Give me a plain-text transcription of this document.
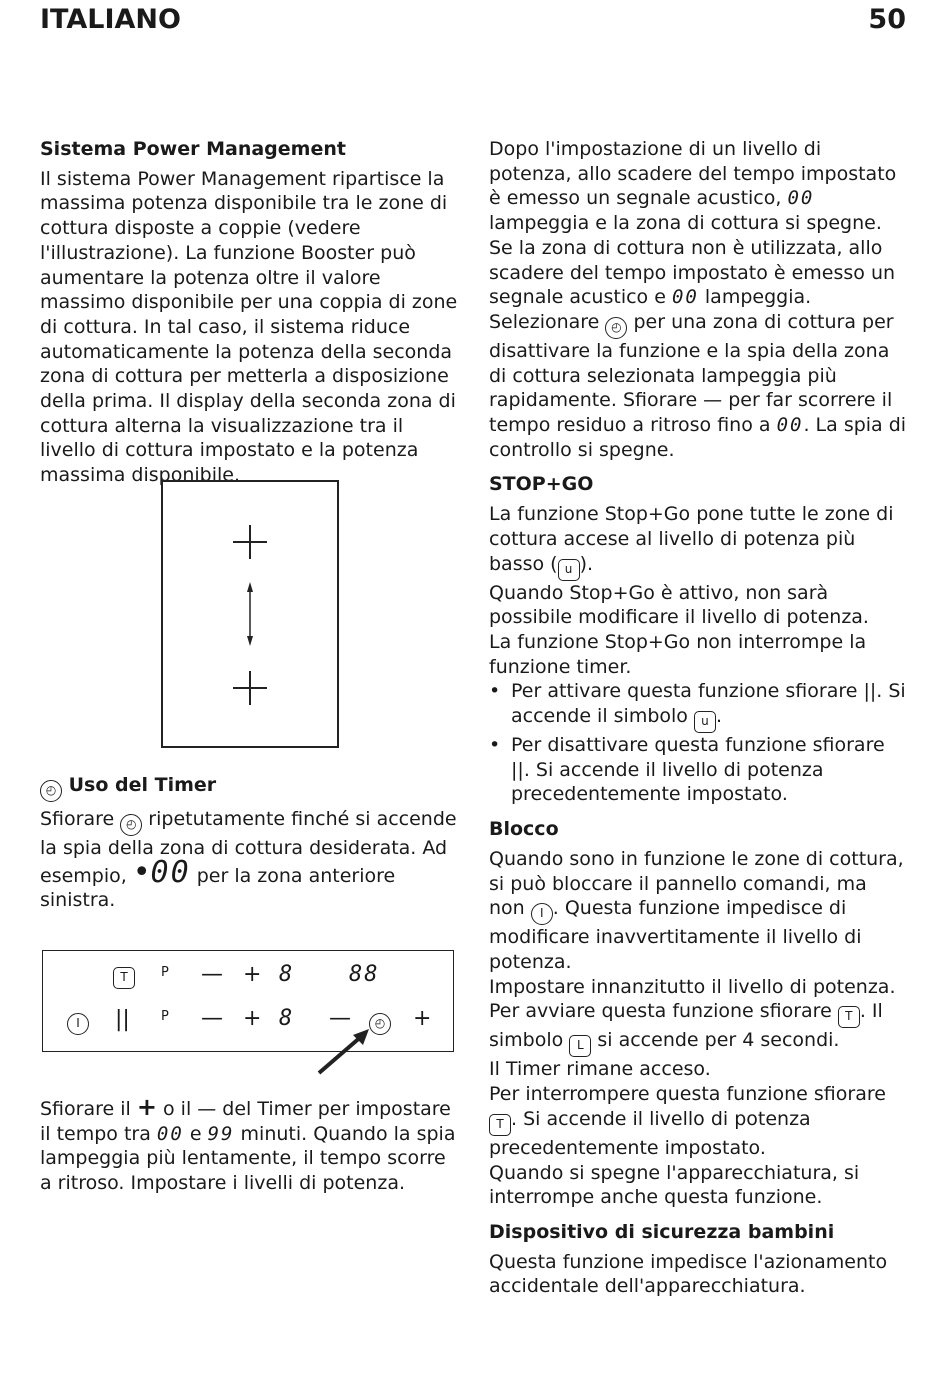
ITALIANO	50

Sistema Power Management

Il sistema Power Management ripartisce la massima potenza disponibile tra le zone di cottura disposte a coppie (vedere l'illustrazione). La funzione Booster può aumentare la potenza oltre il valore massimo disponibile per una coppia di zone di cottura. In tal caso, il sistema riduce automaticamente la potenza della seconda zona di cottura per metterla a disposizione della prima. Il display della seconda zona di cottura alterna la visualizzazione tra il livello di cottura impostato e la potenza massima disponibile.

◴ Uso del Timer

Sfiorare ◴ ripetutamente finché si accende la spia della zona di cottura desiderata. Ad esempio, •00 per la zona anteriore sinistra.

T	P — + 8 88
I	|| P — + 8 —	◴ +

Sfiorare il + o il — del Timer per impostare il tempo tra 00 e 99 minuti. Quando la spia lampeggia più lentamente, il tempo scorre a ritroso. Impostare i livelli di potenza.

Dopo l'impostazione di un livello di potenza, allo scadere del tempo impostato è emesso un segnale acustico, 00 lampeggia e la zona di cottura si spegne. Se la zona di cottura non è utilizzata, allo scadere del tempo impostato è emesso un segnale acustico e 00 lampeggia.

Selezionare ◴ per una zona di cottura per disattivare la funzione e la spia della zona di cottura selezionata lampeggia più rapidamente. Sfiorare — per far scorrere il tempo residuo a ritroso fino a 00. La spia di controllo si spegne.

STOP+GO

La funzione Stop+Go pone tutte le zone di cottura accese al livello di potenza più basso ( u ).

Quando Stop+Go è attivo, non sarà possibile modificare il livello di potenza.

La funzione Stop+Go non interrompe la funzione timer.

• Per attivare questa funzione sfiorare ||. Si accende il simbolo u .
• Per disattivare questa funzione sfiorare ||. Si accende il livello di potenza precedentemente impostato.

Blocco

Quando sono in funzione le zone di cottura, si può bloccare il pannello comandi, ma non I . Questa funzione impedisce di modificare inavvertitamente il livello di potenza.

Impostare innanzitutto il livello di potenza.

Per avviare questa funzione sfiorare T . Il simbolo L si accende per 4 secondi.

Il Timer rimane acceso.

Per interrompere questa funzione sfiorare T . Si accende il livello di potenza precedentemente impostato.

Quando si spegne l'apparecchiatura, si interrompe anche questa funzione.

Dispositivo di sicurezza bambini

Questa funzione impedisce l'azionamento accidentale dell'apparecchiatura.
